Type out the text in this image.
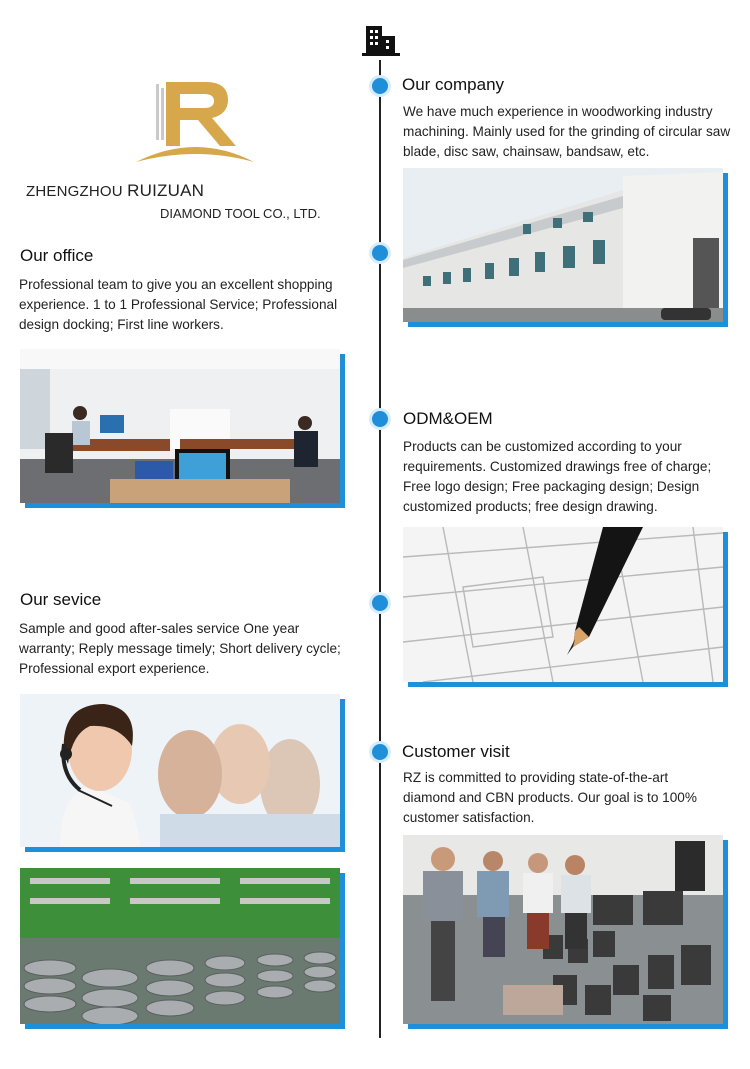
ZHENGZHOU RUIZUAN
DIAMOND TOOL CO., LTD.
Our company
We have much experience in woodworking industry machining. Mainly used for the grinding of circular saw blade, disc saw, chainsaw, bandsaw, etc.
Our office
Professional team to give you an excellent shopping experience. 1 to 1 Professional Service; Professional design docking; First line workers.
ODM&OEM
Products can be customized according to your requirements. Customized drawings free of charge; Free logo design; Free packaging design; Design customized products; free design drawing.
Our sevice
Sample and good after-sales service One year warranty; Reply message timely; Short delivery cycle; Professional export experience.
Customer visit
RZ is committed to providing state-of-the-art diamond and CBN products. Our goal is to 100% customer satisfaction.
